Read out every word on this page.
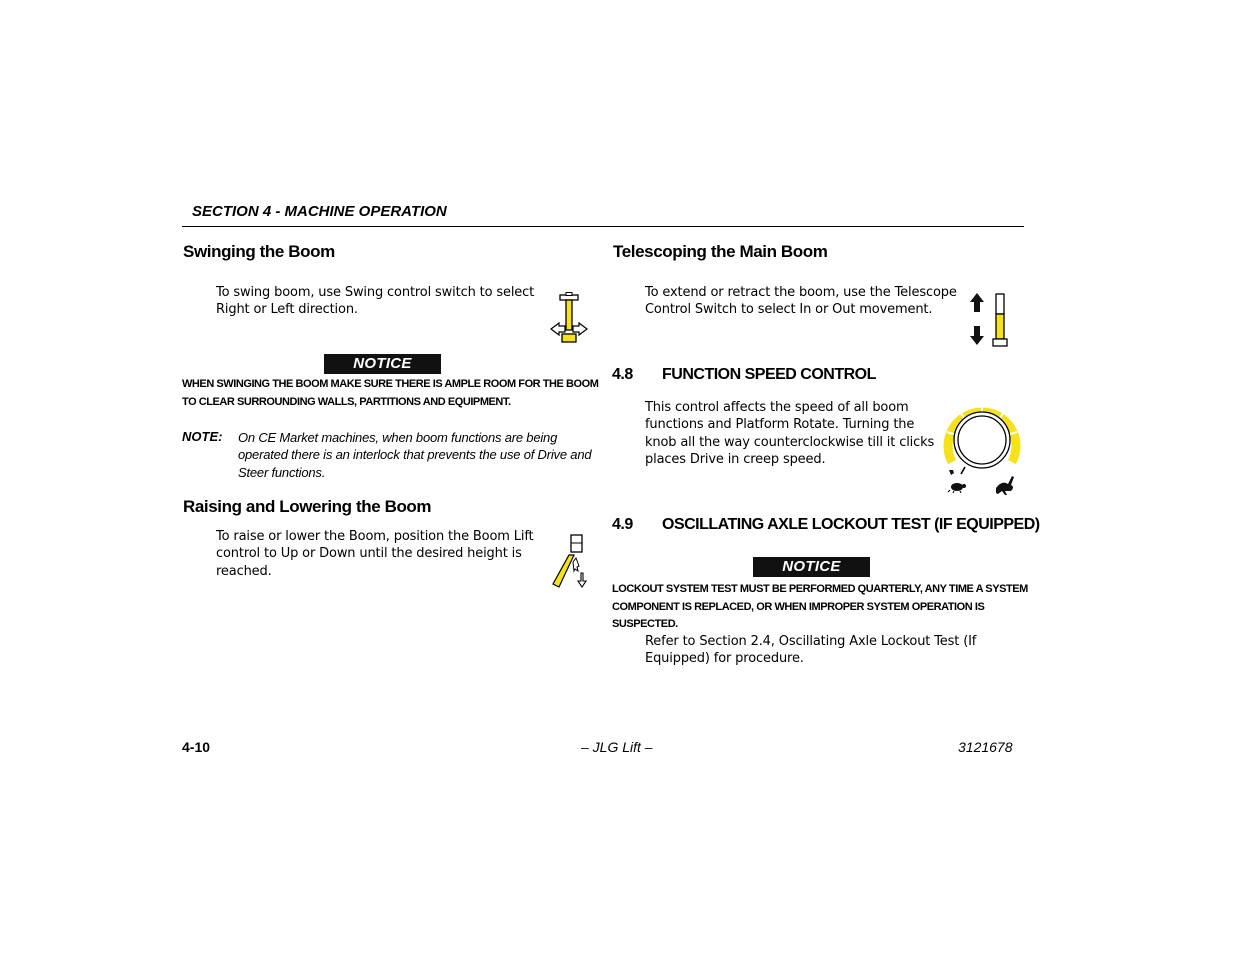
SECTION 4 - MACHINE OPERATION
Swinging the Boom
To swing boom, use Swing control switch to select Right or Left direction.
NOTICE
WHEN SWINGING THE BOOM MAKE SURE THERE IS AMPLE ROOM FOR THE BOOM TO CLEAR SURROUNDING WALLS, PARTITIONS AND EQUIPMENT.
NOTE: On CE Market machines, when boom functions are being operated there is an interlock that prevents the use of Drive and Steer functions.
Raising and Lowering the Boom
To raise or lower the Boom, position the Boom Lift control to Up or Down until the desired height is reached.
Telescoping the Main Boom
To extend or retract the boom, use the Telescope Control Switch to select In or Out movement.
4.8 FUNCTION SPEED CONTROL
This control affects the speed of all boom functions and Platform Rotate. Turning the knob all the way counterclockwise till it clicks places Drive in creep speed.
4.9 OSCILLATING AXLE LOCKOUT TEST (IF EQUIPPED)
NOTICE
LOCKOUT SYSTEM TEST MUST BE PERFORMED QUARTERLY, ANY TIME A SYSTEM COMPONENT IS REPLACED, OR WHEN IMPROPER SYSTEM OPERATION IS SUSPECTED.
Refer to Section 2.4, Oscillating Axle Lockout Test (If Equipped) for procedure.
4-10	– JLG Lift –	3121678
